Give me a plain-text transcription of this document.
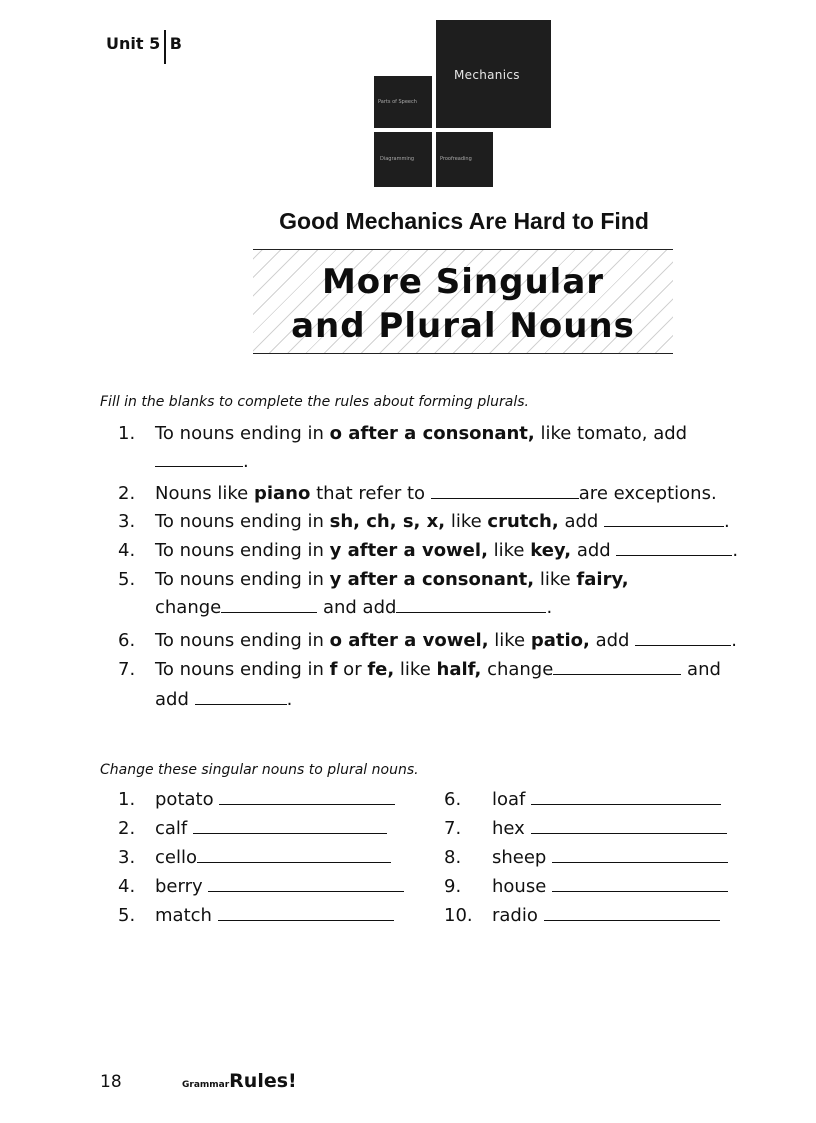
Unit 5 B
Mechanics
Parts of Speech
Diagramming	Proofreading
Good Mechanics Are Hard to Find
More Singular
and Plural Nouns
Fill in the blanks to complete the rules about forming plurals.
1. To nouns ending in o after a consonant, like tomato, add
.
2. Nouns like piano that refer to	are exceptions.
3. To nouns ending in sh, ch, s, x, like crutch, add	.
4. To nouns ending in y after a vowel, like key, add	.
5. To nouns ending in y after a consonant, like fairy,
change	and add	.
6. To nouns ending in o after a vowel, like patio, add	.
7. To nouns ending in f or fe, like half, change	and
add	.
Change these singular nouns to plural nouns.
1. potato
2. calf
3. cello
4. berry
5. match
6. loaf
7. hex
8. sheep
9. house
10. radio
18	GrammarRules!
